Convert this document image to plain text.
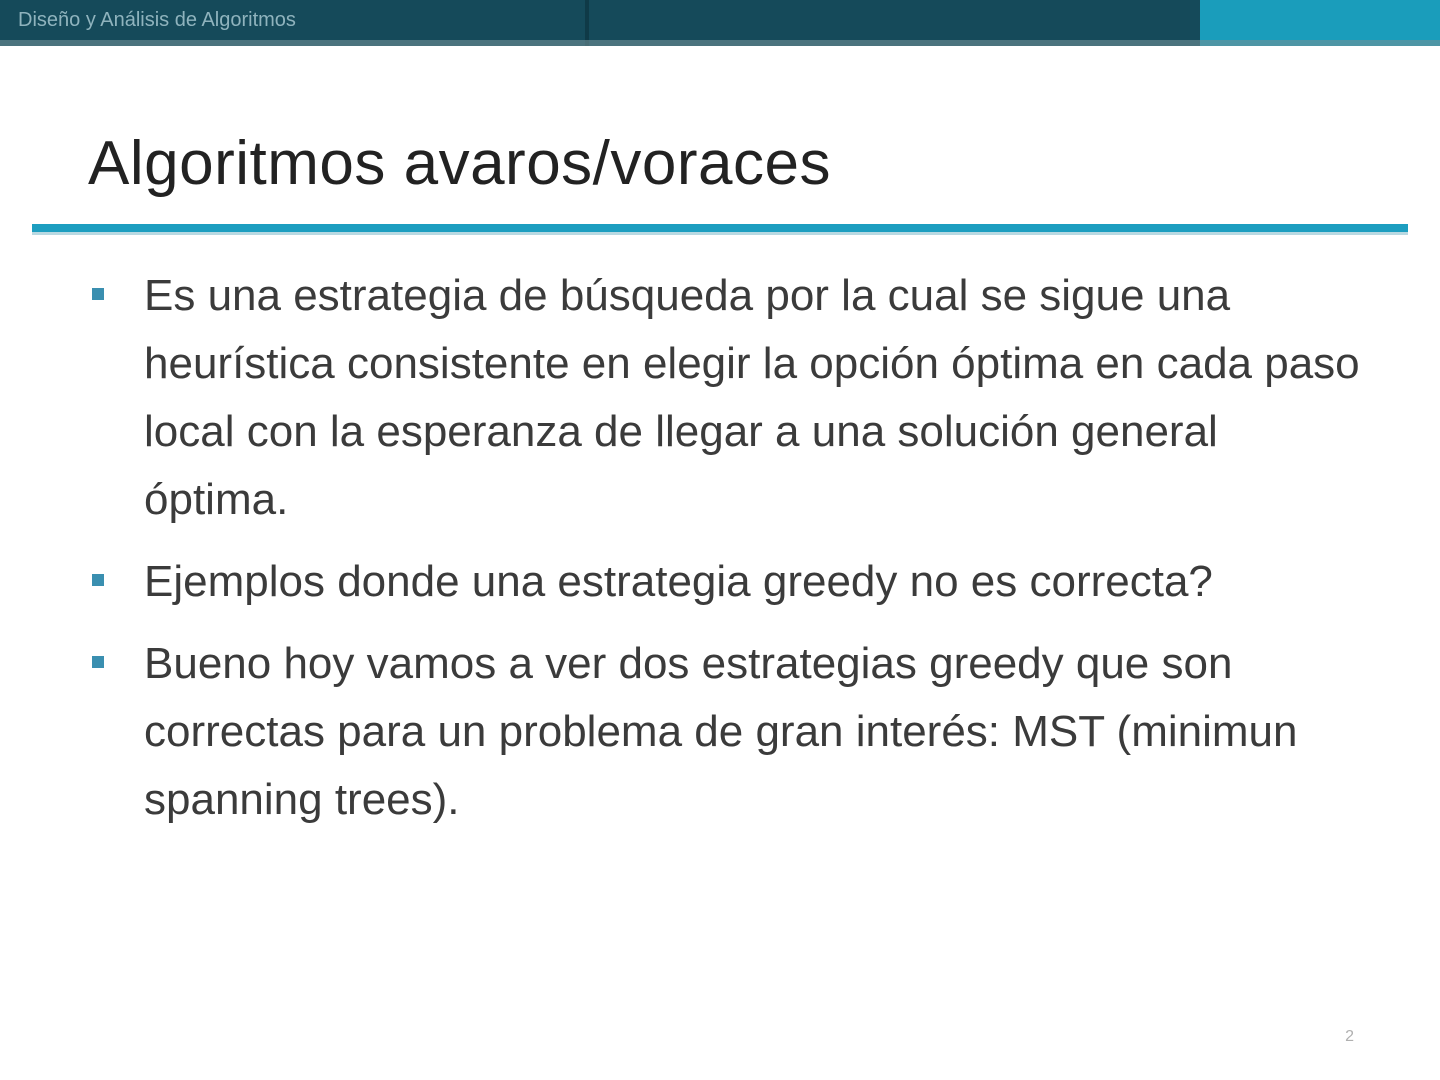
Diseño y Análisis de Algoritmos
Algoritmos avaros/voraces
Es una estrategia de búsqueda por la cual se sigue una heurística consistente en elegir la opción óptima en cada paso local con la esperanza de llegar a una solución general óptima.
Ejemplos donde una estrategia greedy no es correcta?
Bueno hoy vamos a ver dos estrategias greedy que son correctas para un problema de gran interés: MST (minimun spanning trees).
2
